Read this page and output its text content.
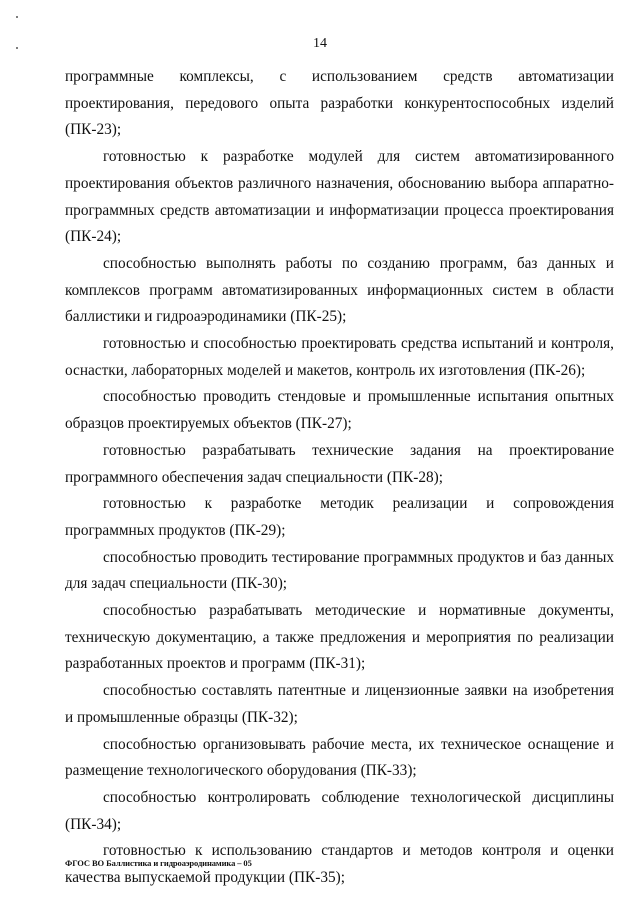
14

программные комплексы, с использованием средств автоматизации проектирования, передового опыта разработки конкурентоспособных изделий (ПК-23);

готовностью к разработке модулей для систем автоматизированного проектирования объектов различного назначения, обоснованию выбора аппаратно-программных средств автоматизации и информатизации процесса проектирования (ПК-24);

способностью выполнять работы по созданию программ, баз данных и комплексов программ автоматизированных информационных систем в области баллистики и гидроаэродинамики (ПК-25);

готовностью и способностью проектировать средства испытаний и контроля, оснастки, лабораторных моделей и макетов, контроль их изготовления (ПК-26);

способностью проводить стендовые и промышленные испытания опытных образцов проектируемых объектов (ПК-27);

готовностью разрабатывать технические задания на проектирование программного обеспечения задач специальности (ПК-28);

готовностью к разработке методик реализации и сопровождения программных продуктов (ПК-29);

способностью проводить тестирование программных продуктов и баз данных для задач специальности (ПК-30);

способностью разрабатывать методические и нормативные документы, техническую документацию, а также предложения и мероприятия по реализации разработанных проектов и программ (ПК-31);

способностью составлять патентные и лицензионные заявки на изобретения и промышленные образцы (ПК-32);

способностью организовывать рабочие места, их техническое оснащение и размещение технологического оборудования (ПК-33);

способностью контролировать соблюдение технологической дисциплины (ПК-34);

готовностью к использованию стандартов и методов контроля и оценки качества выпускаемой продукции (ПК-35);

ФГОС ВО Баллистика и гидроаэродинамика – 05
